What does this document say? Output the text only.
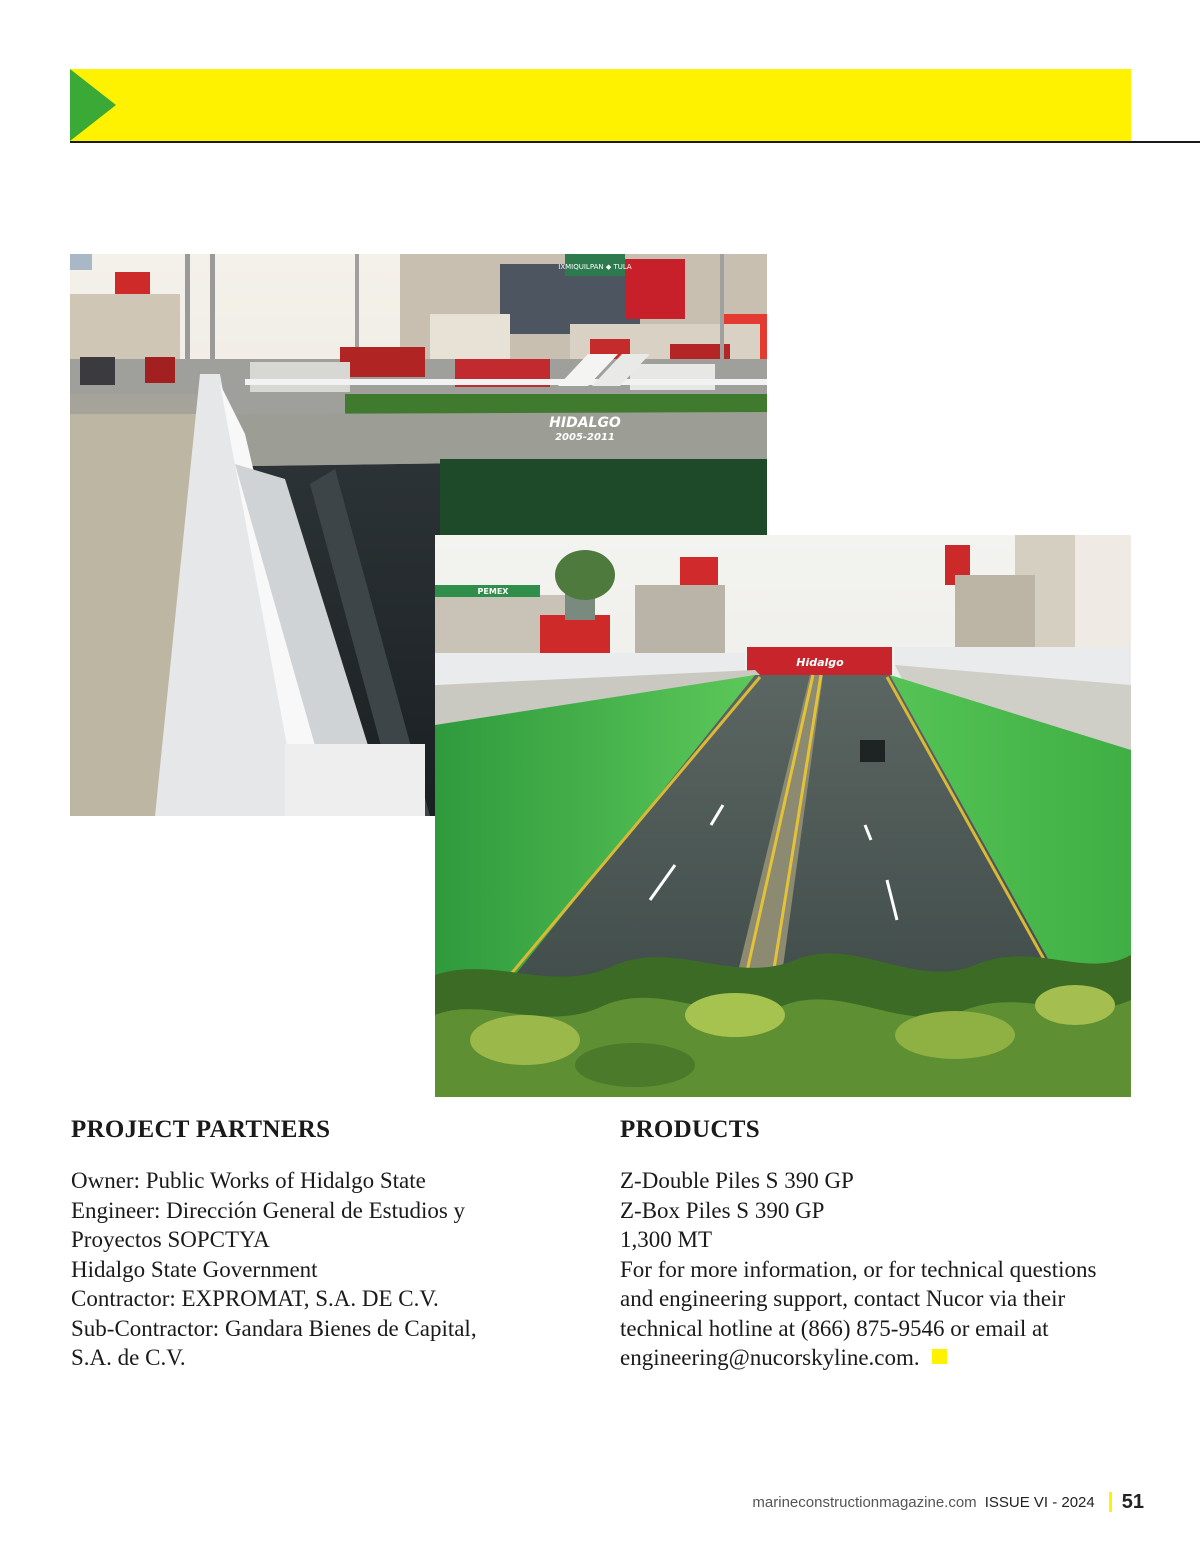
IXMIQUILPAN ◆ TULA
HIDALGO
2005-2011
PEMEX
Hidalgo
PROJECT PARTNERS
Owner: Public Works of Hidalgo State
Engineer: Dirección General de Estudios y
Proyectos SOPCTYA
Hidalgo State Government
Contractor: EXPROMAT, S.A. DE C.V.
Sub-Contractor: Gandara Bienes de Capital,
S.A. de C.V.
PRODUCTS
Z-Double Piles S 390 GP
Z-Box Piles S 390 GP
1,300 MT
For for more information, or for technical questions
and engineering support, contact Nucor via their
technical hotline at (866) 875-9546 or email at
engineering@nucorskyline.com.
marineconstructionmagazine.com ISSUE VI - 2024 51
